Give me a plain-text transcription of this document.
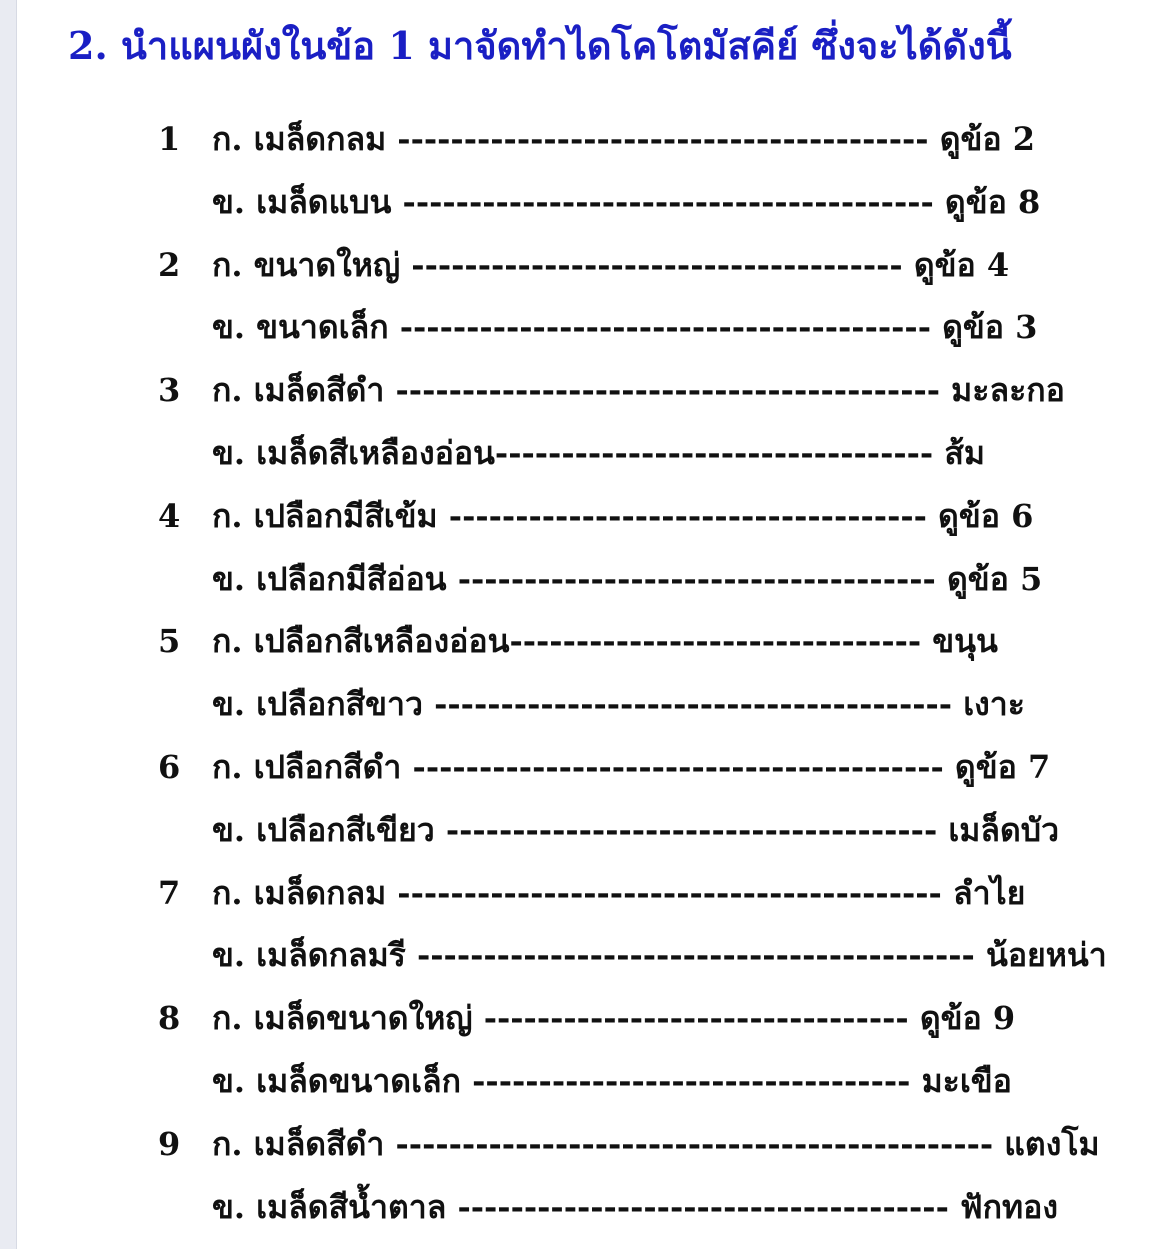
2. นำแผนผังในข้อ 1 มาจัดทำไดโคโตมัสคีย์ ซึ่งจะได้ดังนี้
1 ก. เมล็ดกลม ---------------------------------------- ดูข้อ 2
ข. เมล็ดแบน ---------------------------------------- ดูข้อ 8
2 ก. ขนาดใหญ่ ------------------------------------- ดูข้อ 4
ข. ขนาดเล็ก ---------------------------------------- ดูข้อ 3
3 ก. เมล็ดสีดำ ----------------------------------------- มะละกอ
ข. เมล็ดสีเหลืองอ่อน--------------------------------- ส้ม
4 ก. เปลือกมีสีเข้ม ------------------------------------ ดูข้อ 6
ข. เปลือกมีสีอ่อน ------------------------------------ ดูข้อ 5
5 ก. เปลือกสีเหลืองอ่อน------------------------------- ขนุน
ข. เปลือกสีขาว --------------------------------------- เงาะ
6 ก. เปลือกสีดำ ---------------------------------------- ดูข้อ 7
ข. เปลือกสีเขียว ------------------------------------- เมล็ดบัว
7 ก. เมล็ดกลม ----------------------------------------- ลำไย
ข. เมล็ดกลมรี ------------------------------------------ น้อยหน่า
8 ก. เมล็ดขนาดใหญ่ -------------------------------- ดูข้อ 9
ข. เมล็ดขนาดเล็ก --------------------------------- มะเขือ
9 ก. เมล็ดสีดำ --------------------------------------------- แตงโม
ข. เมล็ดสีน้ำตาล ------------------------------------- ฟักทอง
